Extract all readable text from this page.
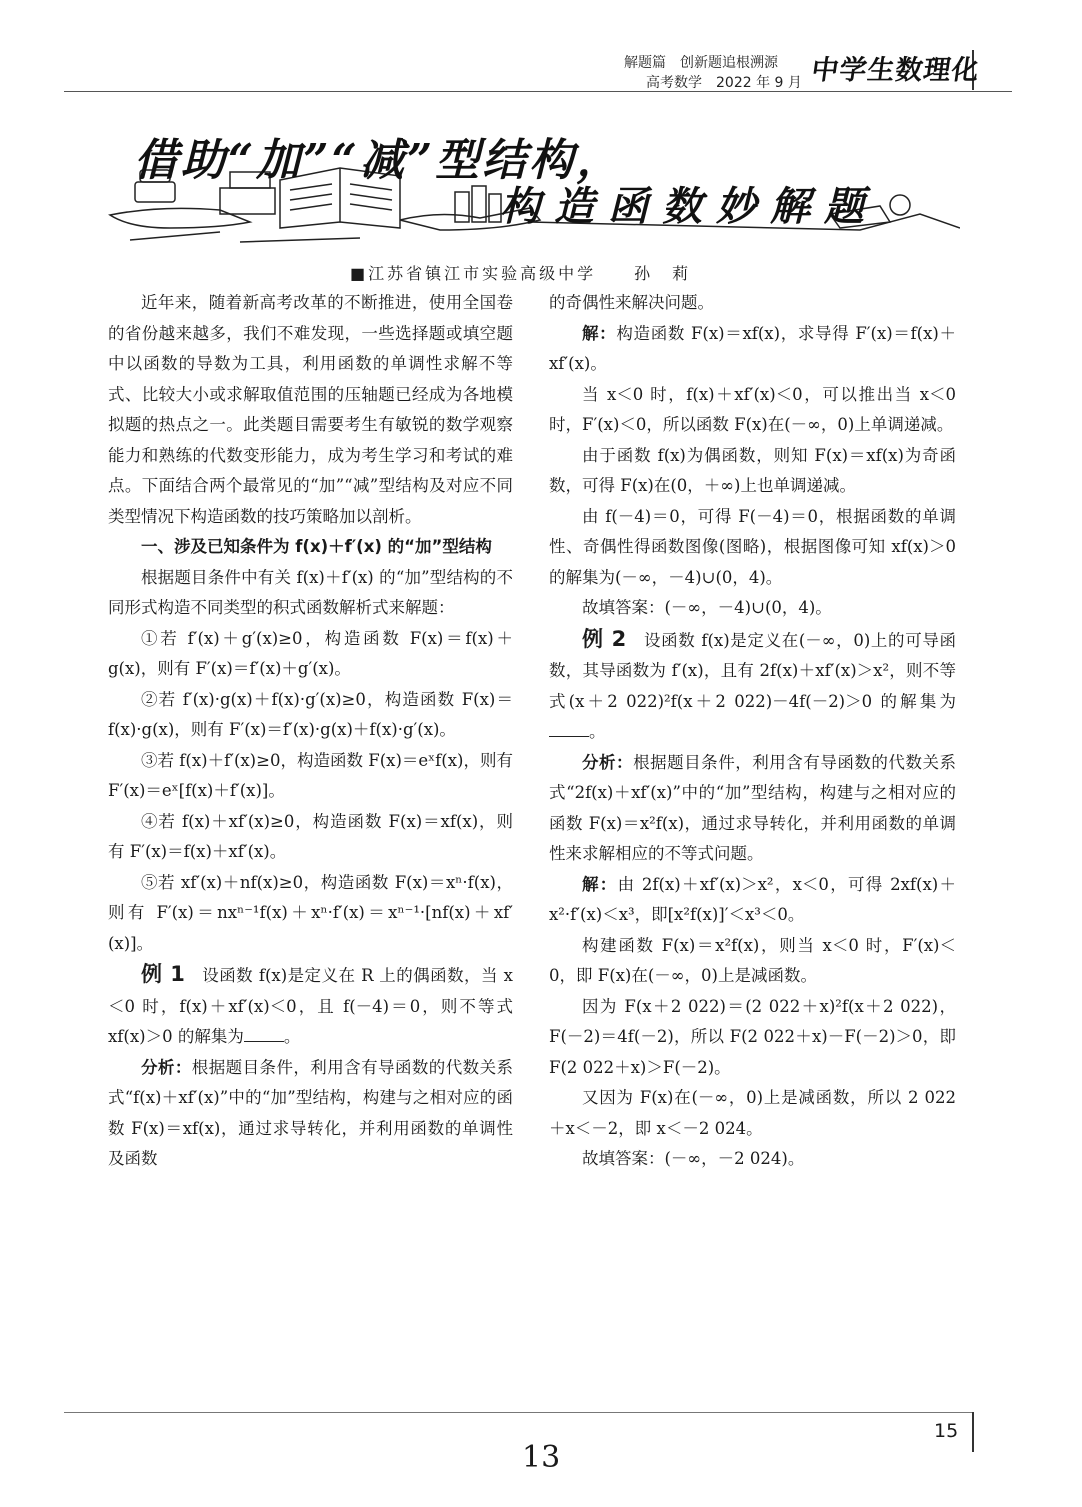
解题篇　创新题追根溯源
高考数学　2022 年 9 月 中学生数理化
借助“加”“减”型结构，
构造函数妙解题
■江苏省镇江市实验高级中学　　孙　莉

近年来，随着新高考改革的不断推进，使用全国卷的省份越来越多，我们不难发现，一些选择题或填空题中以函数的导数为工具，利用函数的单调性求解不等式、比较大小或求解取值范围的压轴题已经成为各地模拟题的热点之一。此类题目需要考生有敏锐的数学观察能力和熟练的代数变形能力，成为考生学习和考试的难点。下面结合两个最常见的“加”“减”型结构及对应不同类型情况下构造函数的技巧策略加以剖析。

一、涉及已知条件为 f(x)＋f′(x) 的“加”型结构

根据题目条件中有关 f(x)＋f′(x) 的“加”型结构的不同形式构造不同类型的积式函数解析式来解题：

①若 f′(x)＋g′(x)≥0，构造函数 F(x)＝f(x)＋g(x)，则有 F′(x)＝f′(x)＋g′(x)。

②若 f′(x)·g(x)＋f(x)·g′(x)≥0，构造函数 F(x)＝f(x)·g(x)，则有 F′(x)＝f′(x)·g(x)＋f(x)·g′(x)。

③若 f(x)＋f′(x)≥0，构造函数 F(x)＝eˣf(x)，则有 F′(x)＝eˣ[f(x)＋f′(x)]。

④若 f(x)＋xf′(x)≥0，构造函数 F(x)＝xf(x)，则有 F′(x)＝f(x)＋xf′(x)。

⑤若 xf′(x)＋nf(x)≥0，构造函数 F(x)＝xⁿ·f(x)，则有 F′(x)＝nxⁿ⁻¹f(x)＋xⁿ·f′(x)＝xⁿ⁻¹·[nf(x)＋xf′(x)]。

例 1　 设函数 f(x)是定义在 R 上的偶函数，当 x＜0 时，f(x)＋xf′(x)＜0，且 f(－4)＝0，则不等式 xf(x)＞0 的解集为 。

分析：根据题目条件，利用含有导函数的代数关系式“f(x)＋xf′(x)”中的“加”型结构，构建与之相对应的函数 F(x)＝xf(x)，通过求导转化，并利用函数的单调性及函数

的奇偶性来解决问题。

解：构造函数 F(x)＝xf(x)，求导得 F′(x)＝f(x)＋xf′(x)。

当 x＜0 时，f(x)＋xf′(x)＜0，可以推出当 x＜0 时，F′(x)＜0，所以函数 F(x)在(－∞，0)上单调递减。

由于函数 f(x)为偶函数，则知 F(x)＝xf(x)为奇函数，可得 F(x)在(0，＋∞)上也单调递减。

由 f(－4)＝0，可得 F(－4)＝0，根据函数的单调性、奇偶性得函数图像(图略)，根据图像可知 xf(x)＞0 的解集为(－∞，－4)∪(0，4)。

故填答案：(－∞，－4)∪(0，4)。

例 2　 设函数 f(x)是定义在(－∞，0)上的可导函数，其导函数为 f′(x)，且有 2f(x)＋xf′(x)＞x²，则不等式(x＋2 022)²f(x＋2 022)－4f(－2)＞0 的解集为。

分析：根据题目条件，利用含有导函数的代数关系式“2f(x)＋xf′(x)”中的“加”型结构，构建与之相对应的函数 F(x)＝x²f(x)，通过求导转化，并利用函数的单调性来求解相应的不等式问题。

解：由 2f(x)＋xf′(x)＞x²，x＜0，可得 2xf(x)＋x²·f′(x)＜x³，即[x²f(x)]′＜x³＜0。

构建函数 F(x)＝x²f(x)，则当 x＜0 时，F′(x)＜0，即 F(x)在(－∞，0)上是减函数。

因为 F(x＋2 022)＝(2 022＋x)²f(x＋2 022)，F(－2)＝4f(－2)，所以 F(2 022＋x)－F(－2)＞0，即 F(2 022＋x)＞F(－2)。

又因为 F(x)在(－∞，0)上是减函数，所以 2 022＋x＜－2，即 x＜－2 024。

故填答案：(－∞，－2 024)。

15
13
